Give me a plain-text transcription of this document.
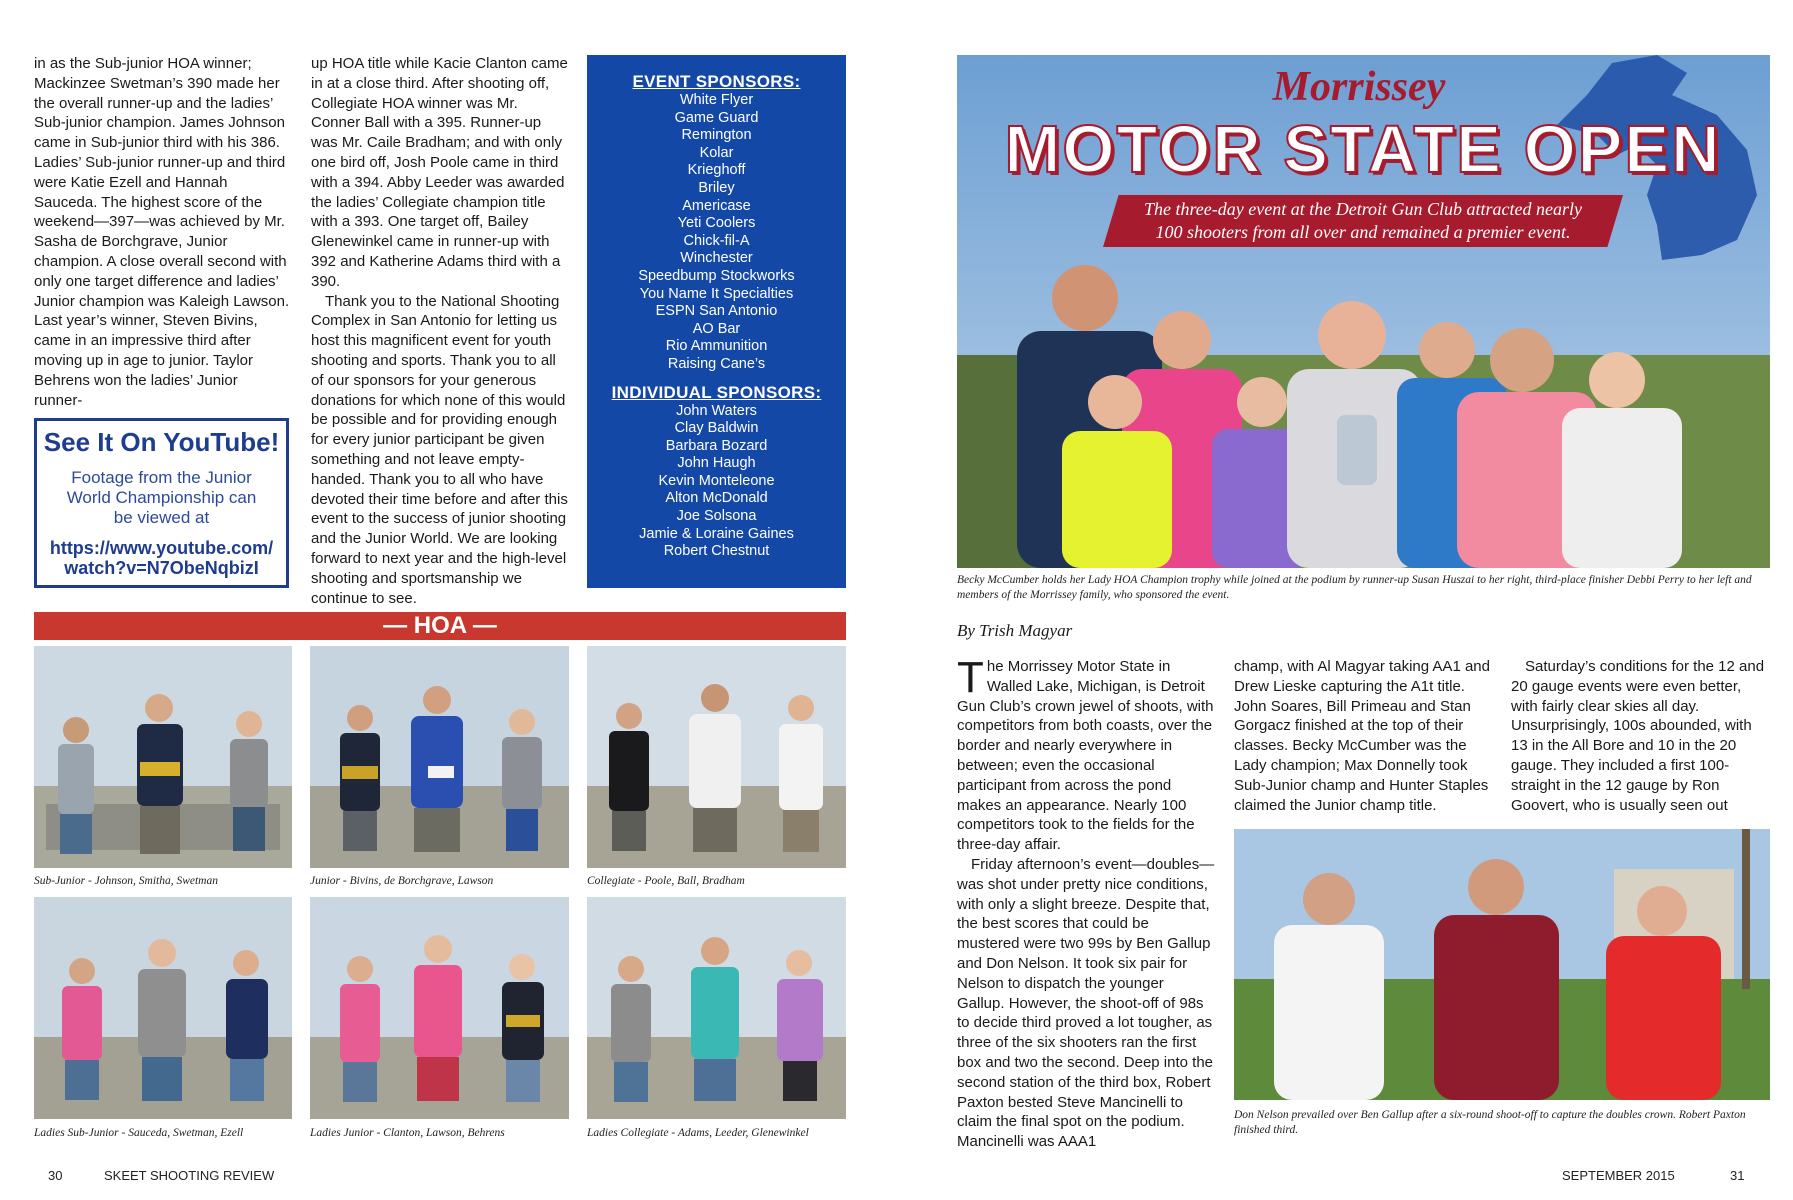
in as the Sub-junior HOA winner; Mackinzee Swetman’s 390 made her the overall runner-up and the ladies’ Sub-junior champion. James Johnson came in Sub-junior third with his 386. Ladies’ Sub-junior runner-up and third were Katie Ezell and Hannah Sauceda. The highest score of the weekend—397—was achieved by Mr. Sasha de Borchgrave, Junior champion. A close overall second with only one target difference and ladies’ Junior champion was Kaleigh Lawson. Last year’s winner, Steven Bivins, came in an impressive third after moving up in age to junior. Taylor Behrens won the ladies’ Junior runner-

up HOA title while Kacie Clanton came in at a close third. After shooting off, Collegiate HOA winner was Mr. Conner Ball with a 395. Runner-up was Mr. Caile Bradham; and with only one bird off, Josh Poole came in third with a 394. Abby Leeder was awarded the ladies’ Collegiate champion title with a 393. One target off, Bailey Glenewinkel came in runner-up with 392 and Katherine Adams third with a 390.

Thank you to the National Shooting Complex in San Antonio for letting us host this magnificent event for youth shooting and sports. Thank you to all of our sponsors for your generous donations for which none of this would be possible and for providing enough for every junior participant be given something and not leave empty-handed. Thank you to all who have devoted their time before and after this event to the success of junior shooting and the Junior World. We are looking forward to next year and the high-level shooting and sportsmanship we continue to see.

See It On YouTube!
Footage from the Junior World Championship can be viewed at
https://www.youtube.com/watch?v=N7ObeNqbizI
EVENT SPONSORS:
White Flyer
Game Guard
Remington
Kolar
Krieghoff
Briley
Americase
Yeti Coolers
Chick-fil-A
Winchester
Speedbump Stockworks
You Name It Specialties
ESPN San Antonio
AO Bar
Rio Ammunition
Raising Cane’s
INDIVIDUAL SPONSORS:
John Waters
Clay Baldwin
Barbara Bozard
John Haugh
Kevin Monteleone
Alton McDonald
Joe Solsona
Jamie & Loraine Gaines
Robert Chestnut
— HOA —
Sub-Junior - Johnson, Smitha, Swetman	Junior - Bivins, de Borchgrave, Lawson	Collegiate - Poole, Ball, Bradham
Ladies Sub-Junior - Sauceda, Swetman, Ezell	Ladies Junior - Clanton, Lawson, Behrens	Ladies Collegiate - Adams, Leeder, Glenewinkel
30	SKEET SHOOTING REVIEW
Morrissey
MOTOR STATE OPEN
The three-day event at the Detroit Gun Club attracted nearly
100 shooters from all over and remained a premier event.
Becky McCumber holds her Lady HOA Champion trophy while joined at the podium by runner-up Susan Huszai to her right, third-place finisher Debbi Perry to her left and members of the Morrissey family, who sponsored the event.
By Trish Magyar

The Morrissey Motor State in Walled Lake, Michigan, is Detroit Gun Club’s crown jewel of shoots, with competitors from both coasts, over the border and nearly everywhere in between; even the occasional participant from across the pond makes an appearance. Nearly 100 competitors took to the fields for the three-day affair.

Friday afternoon’s event—doubles—was shot under pretty nice conditions, with only a slight breeze. Despite that, the best scores that could be mustered were two 99s by Ben Gallup and Don Nelson. It took six pair for Nelson to dispatch the younger Gallup. However, the shoot-off of 98s to decide third proved a lot tougher, as three of the six shooters ran the first box and two the second. Deep into the second station of the third box, Robert Paxton bested Steve Mancinelli to claim the final spot on the podium. Mancinelli was AAA1

champ, with Al Magyar taking AA1 and Drew Lieske capturing the A1t title. John Soares, Bill Primeau and Stan Gorgacz finished at the top of their classes. Becky McCumber was the Lady champion; Max Donnelly took Sub-Junior champ and Hunter Staples claimed the Junior champ title.

Saturday’s conditions for the 12 and 20 gauge events were even better, with fairly clear skies all day. Unsurprisingly, 100s abounded, with 13 in the All Bore and 10 in the 20 gauge. They included a first 100-straight in the 12 gauge by Ron Goovert, who is usually seen out

Don Nelson prevailed over Ben Gallup after a six-round shoot-off to capture the doubles crown. Robert Paxton finished third.
SEPTEMBER 2015	31
